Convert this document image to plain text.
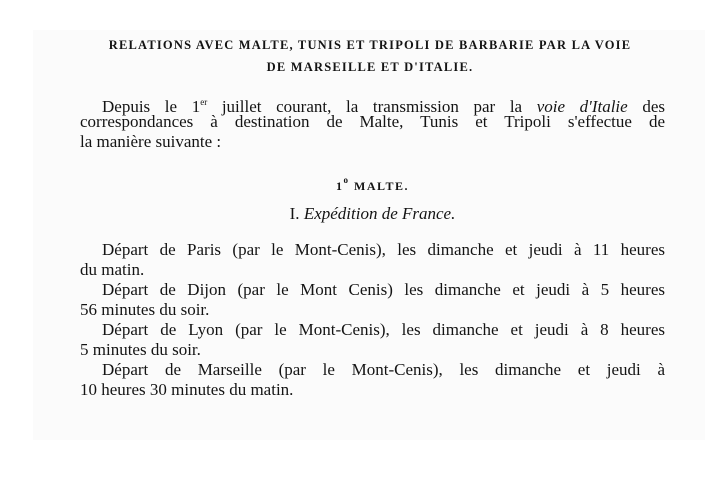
RELATIONS AVEC MALTE, TUNIS ET TRIPOLI DE BARBARIE PAR LA VOIE
DE MARSEILLE ET D'ITALIE.
Depuis le 1er juillet courant, la transmission par la voie d'Italie des
correspondances à destination de Malte, Tunis et Tripoli s'effectue de
la manière suivante :
1$^o$ MALTE.
I. Expédition de France.
Départ de Paris (par le Mont-Cenis), les dimanche et jeudi à 11 heures
du matin.
Départ de Dijon (par le Mont Cenis) les dimanche et jeudi à 5 heures
56 minutes du soir.
Départ de Lyon (par le Mont-Cenis), les dimanche et jeudi à 8 heures
5 minutes du soir.
Départ de Marseille (par le Mont-Cenis), les dimanche et jeudi à
10 heures 30 minutes du matin.
